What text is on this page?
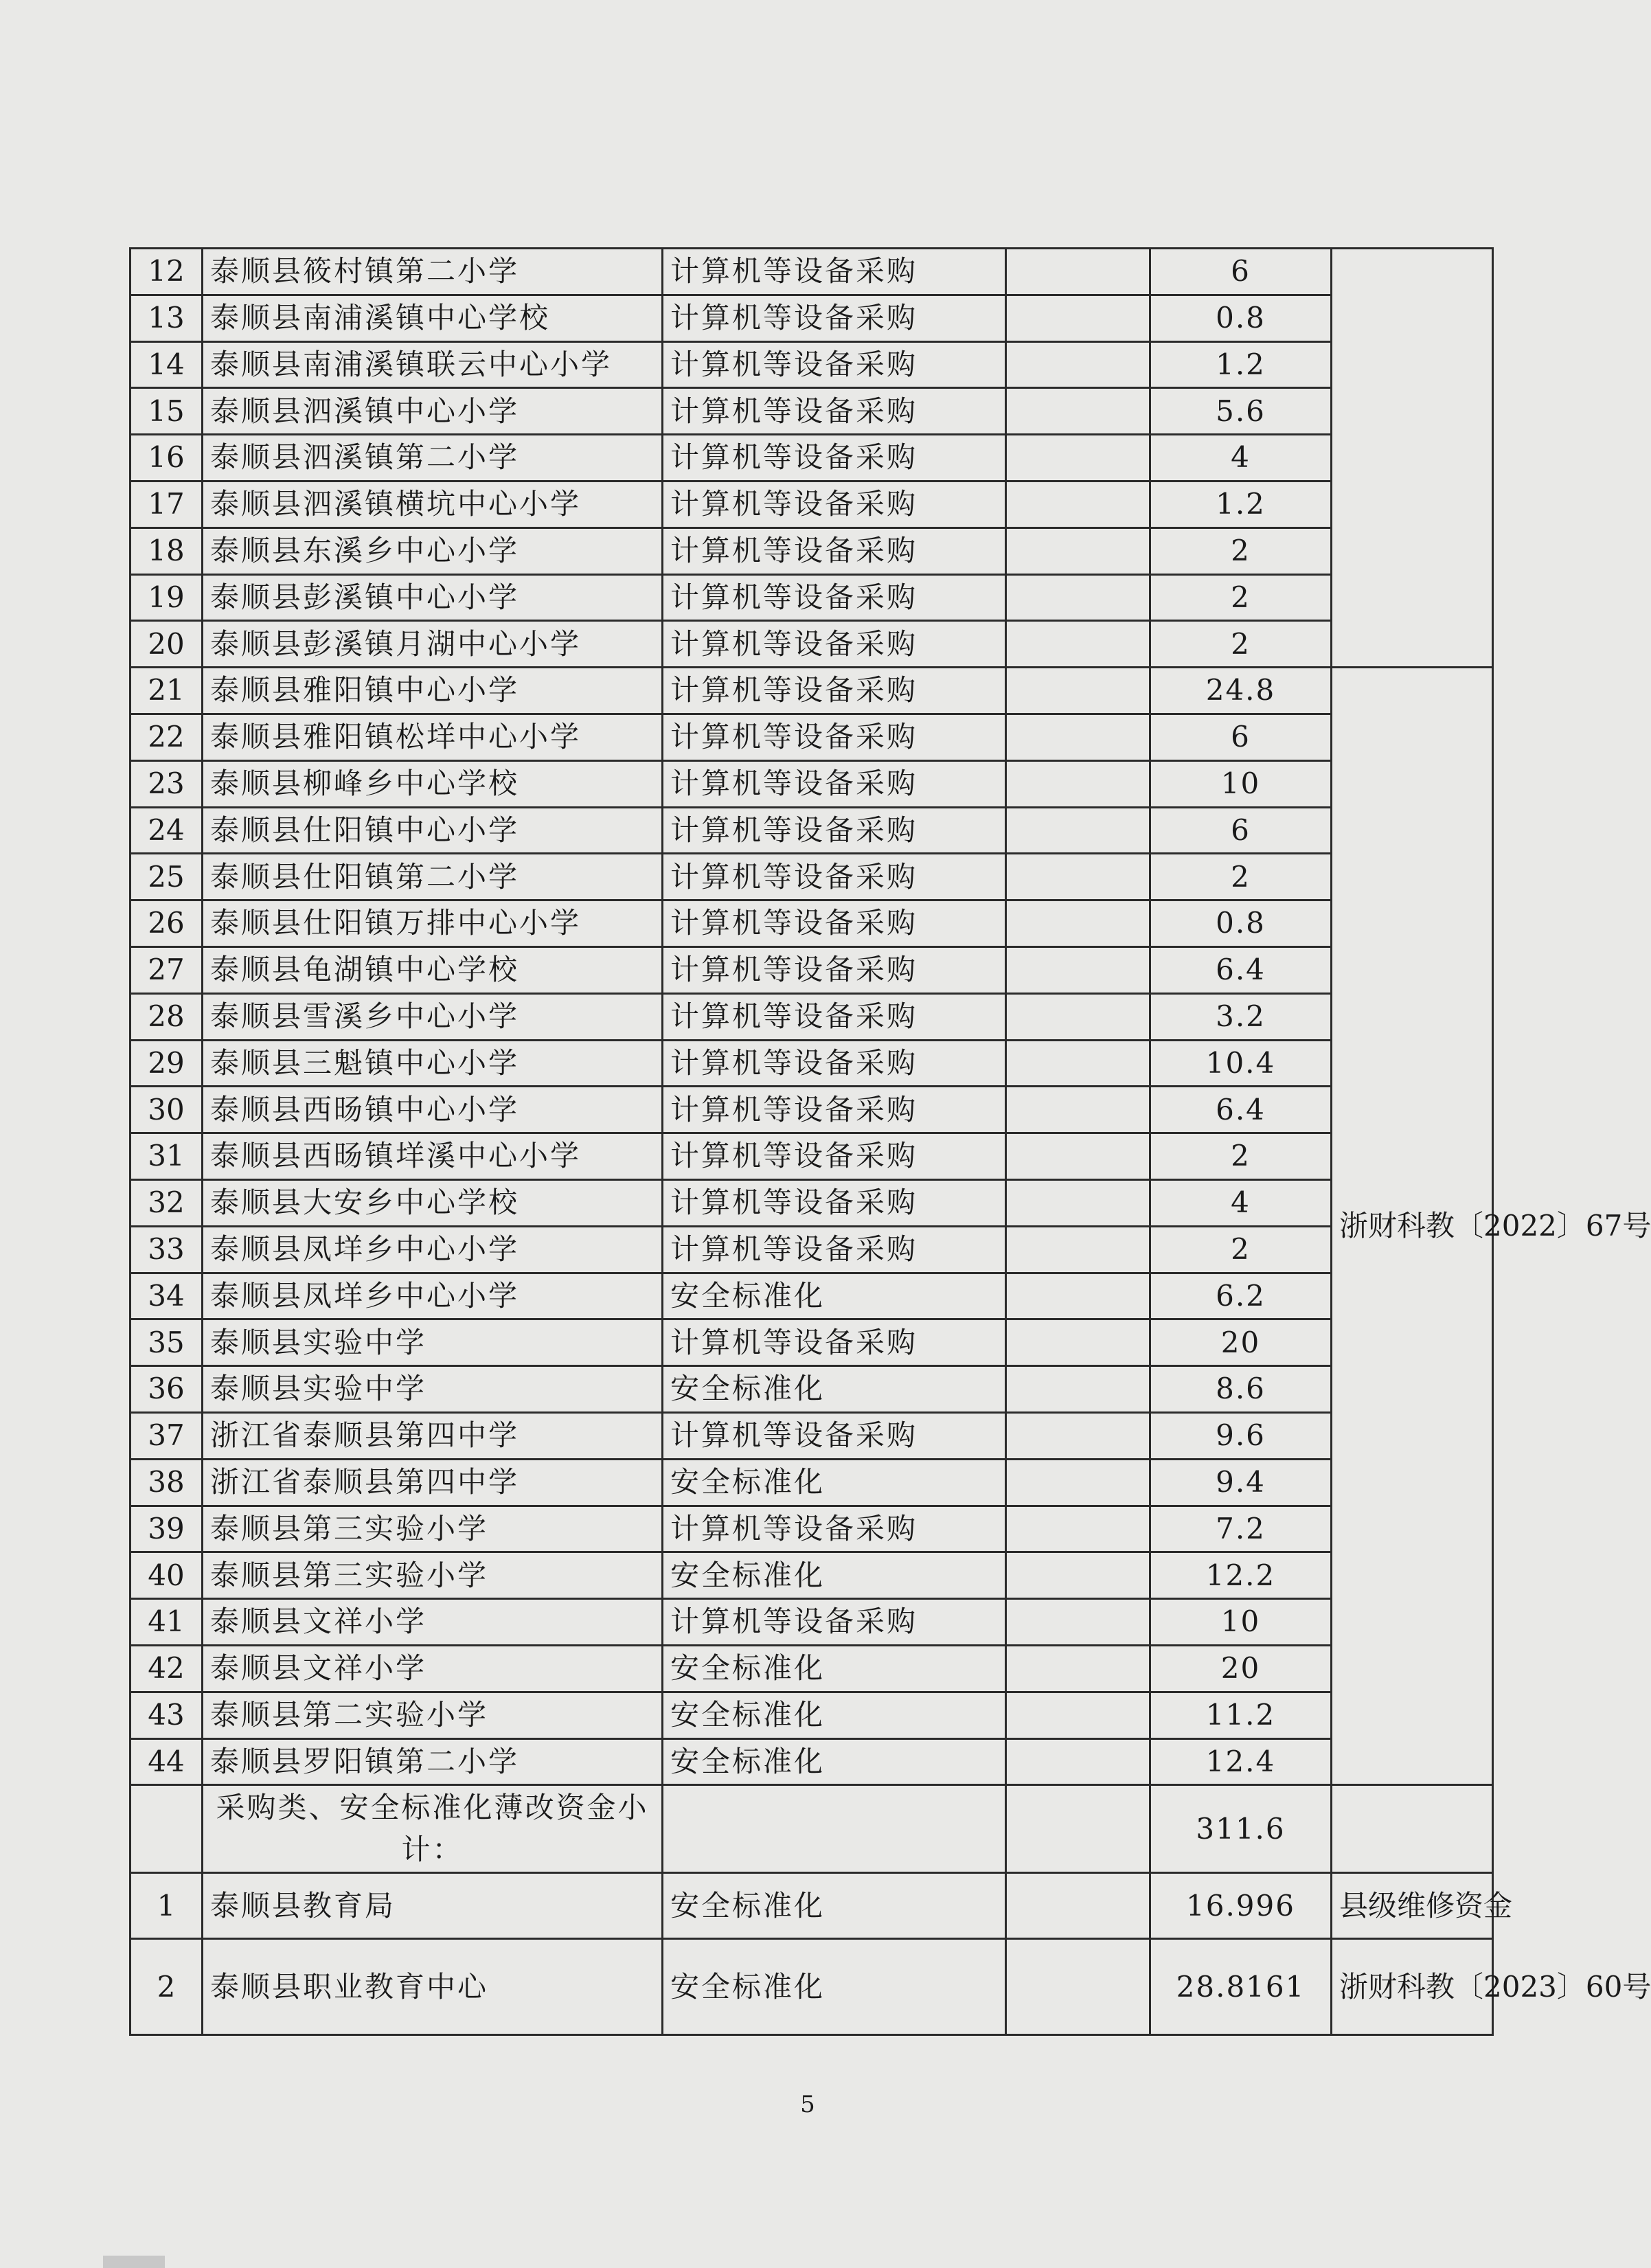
12	泰顺县筱村镇第二小学	计算机等设备采购		6	
13	泰顺县南浦溪镇中心学校	计算机等设备采购		0.8	
14	泰顺县南浦溪镇联云中心小学	计算机等设备采购		1.2	
15	泰顺县泗溪镇中心小学	计算机等设备采购		5.6	
16	泰顺县泗溪镇第二小学	计算机等设备采购		4	
17	泰顺县泗溪镇横坑中心小学	计算机等设备采购		1.2	
18	泰顺县东溪乡中心小学	计算机等设备采购		2	
19	泰顺县彭溪镇中心小学	计算机等设备采购		2	
20	泰顺县彭溪镇月湖中心小学	计算机等设备采购		2	
21	泰顺县雅阳镇中心小学	计算机等设备采购		24.8	浙财科教〔2022〕67号
22	泰顺县雅阳镇松垟中心小学	计算机等设备采购		6	
23	泰顺县柳峰乡中心学校	计算机等设备采购		10	
24	泰顺县仕阳镇中心小学	计算机等设备采购		6	
25	泰顺县仕阳镇第二小学	计算机等设备采购		2	
26	泰顺县仕阳镇万排中心小学	计算机等设备采购		0.8	
27	泰顺县龟湖镇中心学校	计算机等设备采购		6.4	
28	泰顺县雪溪乡中心小学	计算机等设备采购		3.2	
29	泰顺县三魁镇中心小学	计算机等设备采购		10.4	
30	泰顺县西旸镇中心小学	计算机等设备采购		6.4	
31	泰顺县西旸镇垟溪中心小学	计算机等设备采购		2	
32	泰顺县大安乡中心学校	计算机等设备采购		4	
33	泰顺县凤垟乡中心小学	计算机等设备采购		2	
34	泰顺县凤垟乡中心小学	安全标准化		6.2	
35	泰顺县实验中学	计算机等设备采购		20	
36	泰顺县实验中学	安全标准化		8.6	
37	浙江省泰顺县第四中学	计算机等设备采购		9.6	
38	浙江省泰顺县第四中学	安全标准化		9.4	
39	泰顺县第三实验小学	计算机等设备采购		7.2	
40	泰顺县第三实验小学	安全标准化		12.2	
41	泰顺县文祥小学	计算机等设备采购		10	
42	泰顺县文祥小学	安全标准化		20	
43	泰顺县第二实验小学	安全标准化		11.2	
44	泰顺县罗阳镇第二小学	安全标准化		12.4	
	采购类、安全标准化薄改资金小计：			311.6	
1	泰顺县教育局	安全标准化		16.996	县级维修资金
2	泰顺县职业教育中心	安全标准化		28.8161	浙财科教〔2023〕60号
5
